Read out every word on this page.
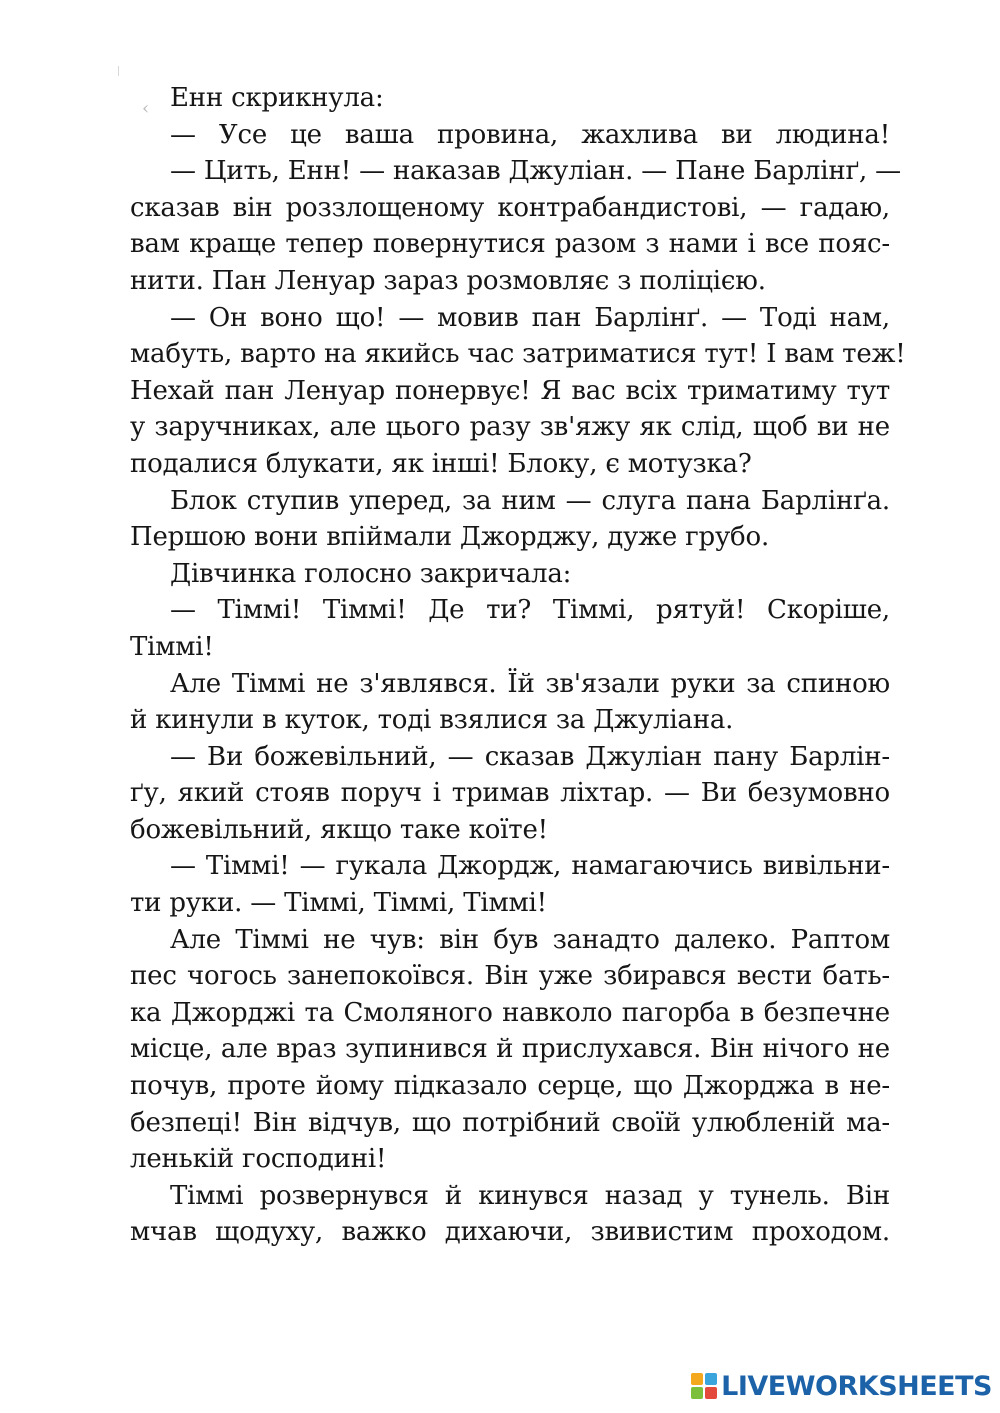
‹ Енн скрикнула:
— Усе це ваша провина, жахлива ви людина!
— Цить, Енн! — наказав Джуліан. — Пане Барлінґ, —
сказав він роззлощеному контрабандистові, — гадаю,
вам краще тепер повернутися разом з нами і все пояс-
нити. Пан Ленуар зараз розмовляє з поліцією.
— Он воно що! — мовив пан Барлінґ. — Тоді нам,
мабуть, варто на якийсь час затриматися тут! І вам теж!
Нехай пан Ленуар понервує! Я вас всіх триматиму тут
у заручниках, але цього разу зв'яжу як слід, щоб ви не
подалися блукати, як інші! Блоку, є мотузка?
Блок ступив уперед, за ним — слуга пана Барлінґа.
Першою вони впіймали Джорджу, дуже грубо.
Дівчинка голосно закричала:
— Тіммі! Тіммі! Де ти? Тіммі, рятуй! Скоріше,
Тіммі!
Але Тіммі не з'являвся. Їй зв'язали руки за спиною
й кинули в куток, тоді взялися за Джуліана.
— Ви божевільний, — сказав Джуліан пану Барлін-
ґу, який стояв поруч і тримав ліхтар. — Ви безумовно
божевільний, якщо таке коїте!
— Тіммі! — гукала Джордж, намагаючись вивільни-
ти руки. — Тіммі, Тіммі, Тіммі!
Але Тіммі не чув: він був занадто далеко. Раптом
пес чогось занепокоївся. Він уже збирався вести бать-
ка Джорджі та Смоляного навколо пагорба в безпечне
місце, але враз зупинився й прислухався. Він нічого не
почув, проте йому підказало серце, що Джорджа в не-
безпеці! Він відчув, що потрібний своїй улюбленій ма-
ленькій господині!
Тіммі розвернувся й кинувся назад у тунель. Він
мчав щодуху, важко дихаючи, звивистим проходом.
LIVEWORKSHEETS
